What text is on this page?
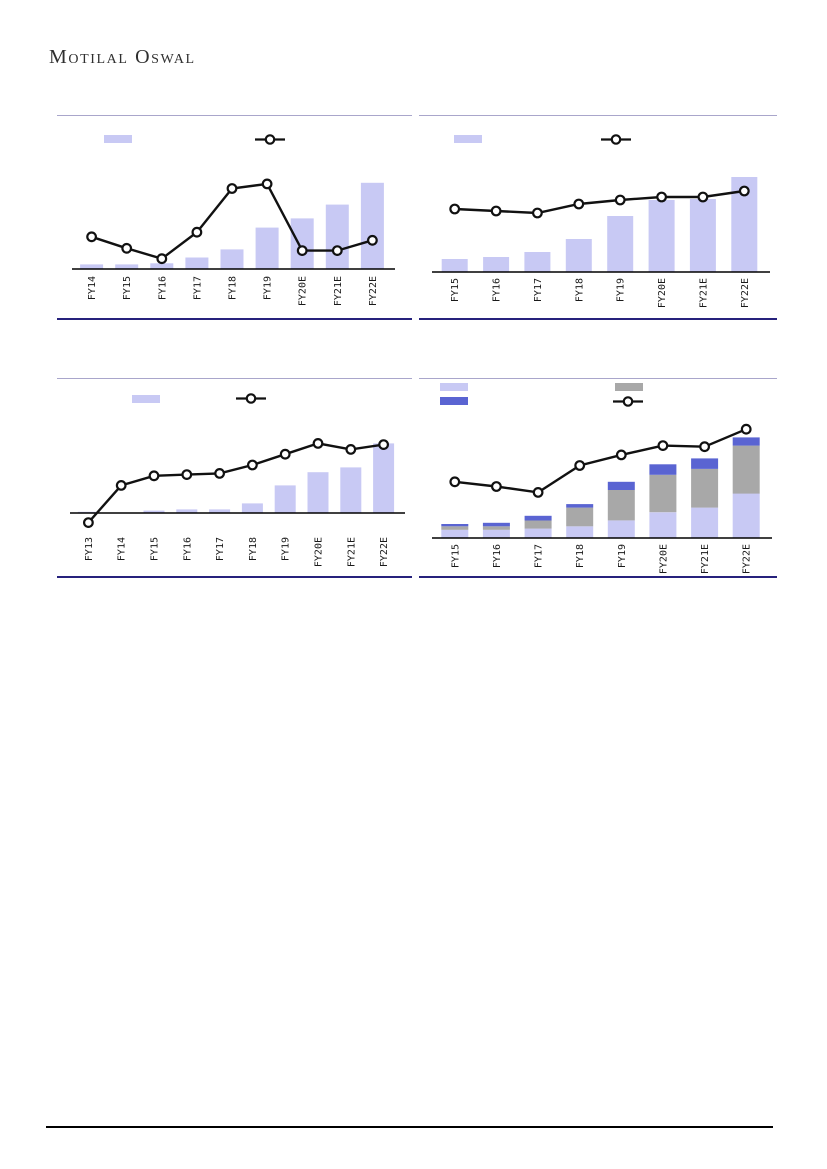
Motilal Oswal
FY14 FY15 FY16 FY17 FY18 FY19 FY20E FY21E FY22E	FY15	FY16	FY17	FY18	FY19	FY20E	FY21E	FY22E
FY13 FY14 FY15 FY16 FY17 FY18 FY19 FY20E FY21E FY22E	FY15	FY16	FY17	FY18	FY19	FY20E	FY21E	FY22E
